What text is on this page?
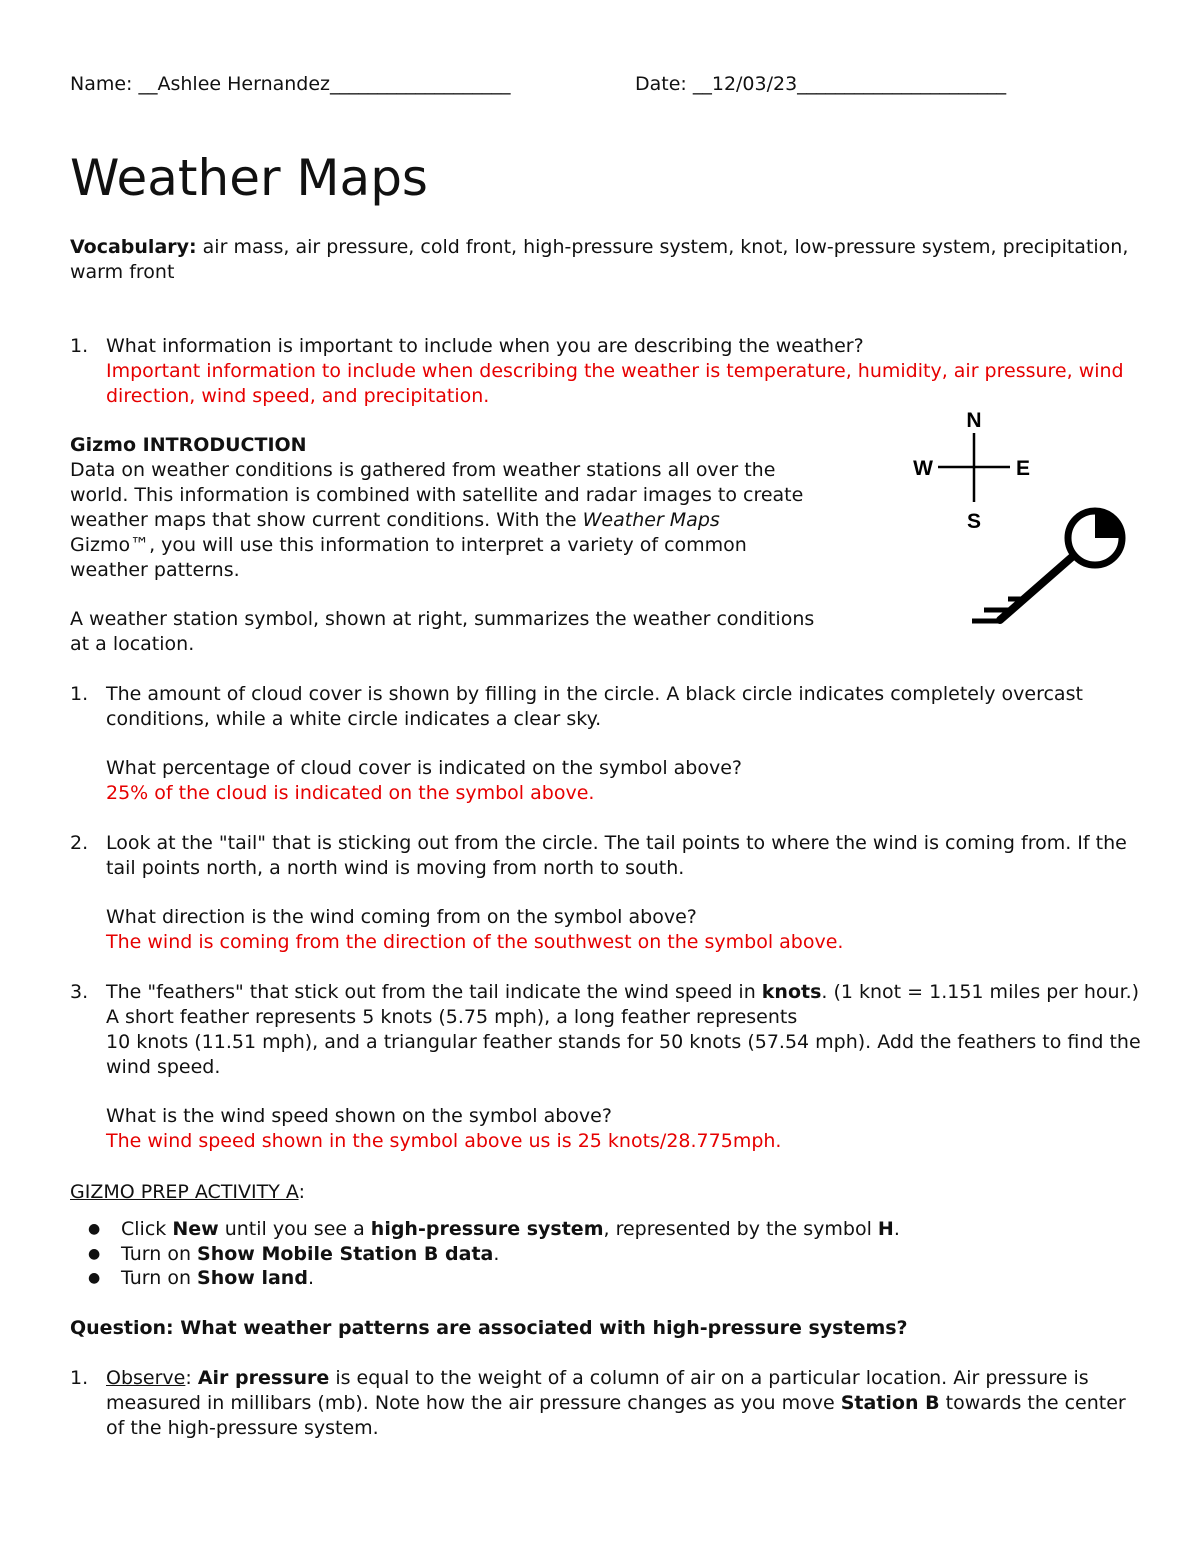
Name: __Ashlee Hernandez___________________	Date: __12/03/23______________________
Weather Maps
Vocabulary: air mass, air pressure, cold front, high-pressure system, knot, low-pressure system, precipitation,
warm front
1. What information is important to include when you are describing the weather?
Important information to include when describing the weather is temperature, humidity, air pressure, wind
direction, wind speed, and precipitation.
Gizmo INTRODUCTION
Data on weather conditions is gathered from weather stations all over the
world. This information is combined with satellite and radar images to create
weather maps that show current conditions. With the Weather Maps
Gizmo™, you will use this information to interpret a variety of common
weather patterns.
A weather station symbol, shown at right, summarizes the weather conditions
at a location.
N
S
E
W
1. The amount of cloud cover is shown by filling in the circle. A black circle indicates completely overcast
conditions, while a white circle indicates a clear sky.
What percentage of cloud cover is indicated on the symbol above?
25% of the cloud is indicated on the symbol above.
2. Look at the "tail" that is sticking out from the circle. The tail points to where the wind is coming from. If the
tail points north, a north wind is moving from north to south.
What direction is the wind coming from on the symbol above?
The wind is coming from the direction of the southwest on the symbol above.
3. The "feathers" that stick out from the tail indicate the wind speed in knots. (1 knot = 1.151 miles per hour.)
A short feather represents 5 knots (5.75 mph), a long feather represents
10 knots (11.51 mph), and a triangular feather stands for 50 knots (57.54 mph). Add the feathers to find the
wind speed.
What is the wind speed shown on the symbol above?
The wind speed shown in the symbol above us is 25 knots/28.775mph.
GIZMO PREP ACTIVITY A:
● Click New until you see a high-pressure system, represented by the symbol H.
● Turn on Show Mobile Station B data.
● Turn on Show land.
Question: What weather patterns are associated with high-pressure systems?
1. Observe: Air pressure is equal to the weight of a column of air on a particular location. Air pressure is
measured in millibars (mb). Note how the air pressure changes as you move Station B towards the center
of the high-pressure system.
